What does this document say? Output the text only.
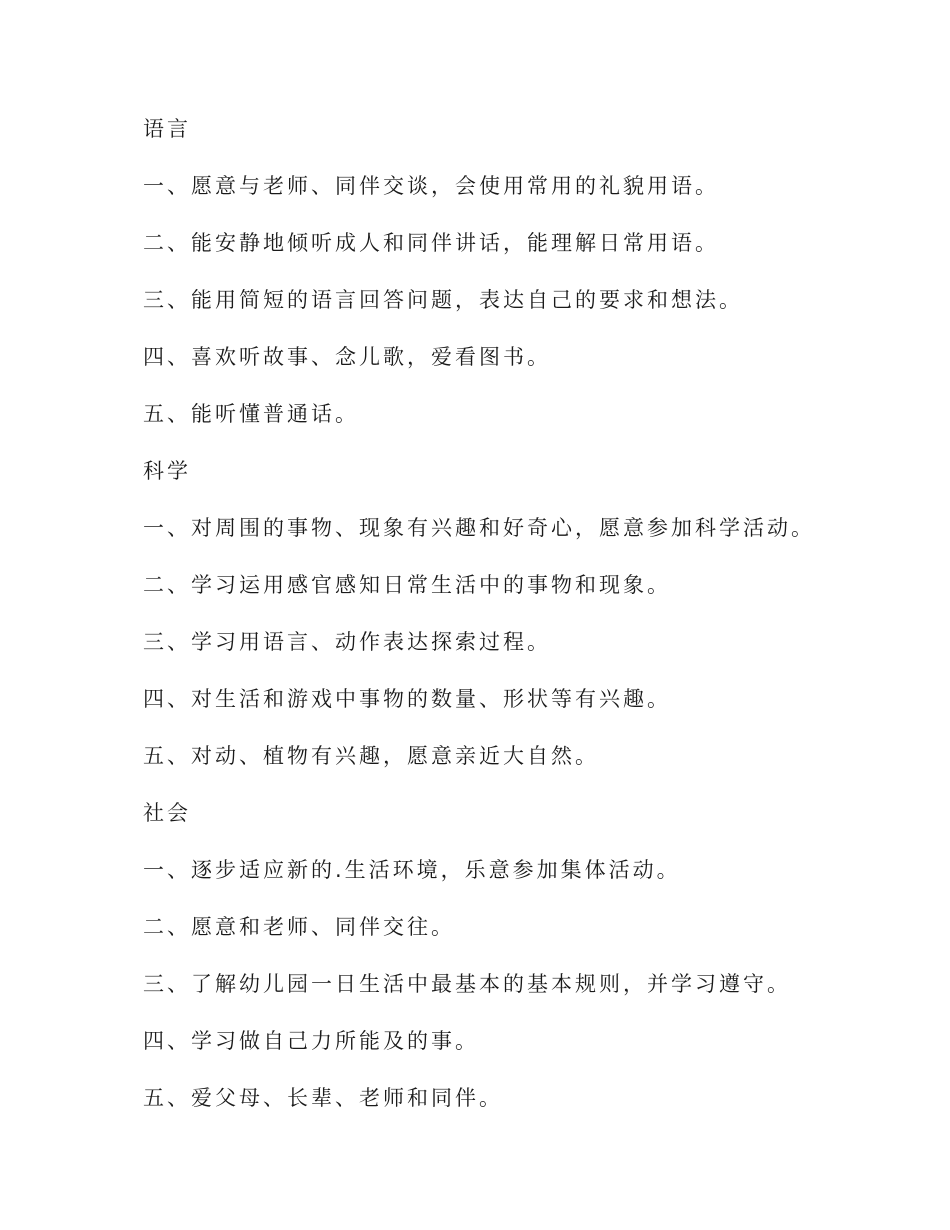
语言
一、愿意与老师、同伴交谈，会使用常用的礼貌用语。
二、能安静地倾听成人和同伴讲话，能理解日常用语。
三、能用简短的语言回答问题，表达自己的要求和想法。
四、喜欢听故事、念儿歌，爱看图书。
五、能听懂普通话。
科学
一、对周围的事物、现象有兴趣和好奇心，愿意参加科学活动。
二、学习运用感官感知日常生活中的事物和现象。
三、学习用语言、动作表达探索过程。
四、对生活和游戏中事物的数量、形状等有兴趣。
五、对动、植物有兴趣，愿意亲近大自然。
社会
一、逐步适应新的.生活环境，乐意参加集体活动。
二、愿意和老师、同伴交往。
三、了解幼儿园一日生活中最基本的基本规则，并学习遵守。
四、学习做自己力所能及的事。
五、爱父母、长辈、老师和同伴。
